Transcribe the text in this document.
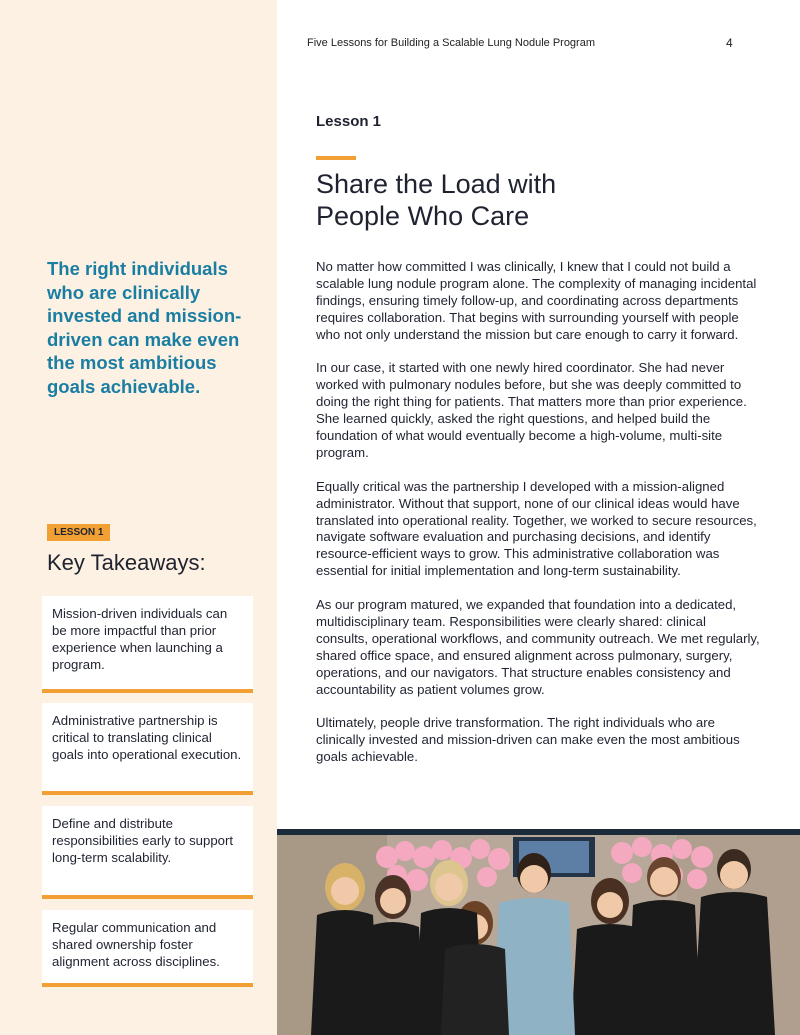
Five Lessons for Building a Scalable Lung Nodule Program	4
Lesson 1
Share the Load with
People Who Care

No matter how committed I was clinically, I knew that I could not build a scalable lung nodule program alone. The complexity of managing incidental findings, ensuring timely follow-up, and coordinating across departments requires collaboration. That begins with surrounding yourself with people who not only understand the mission but care enough to carry it forward.

In our case, it started with one newly hired coordinator. She had never worked with pulmonary nodules before, but she was deeply committed to doing the right thing for patients. That matters more than prior experience. She learned quickly, asked the right questions, and helped build the foundation of what would eventually become a high-volume, multi-site program.

Equally critical was the partnership I developed with a mission-aligned administrator. Without that support, none of our clinical ideas would have translated into operational reality. Together, we worked to secure resources, navigate software evaluation and purchasing decisions, and identify resource-efficient ways to grow. This administrative collaboration was essential for initial implementation and long-term sustainability.

As our program matured, we expanded that foundation into a dedicated, multidisciplinary team. Responsibilities were clearly shared: clinical consults, operational workflows, and community outreach. We met regularly, shared office space, and ensured alignment across pulmonary, surgery, operations, and our navigators. That structure enables consistency and accountability as patient volumes grow.

Ultimately, people drive transformation. The right individuals who are clinically invested and mission-driven can make even the most ambitious goals achievable.

The right individuals who are clinically invested and mission-driven can make even the most ambitious goals achievable.
LESSON 1
Key Takeaways:
Mission-driven individuals can be more impactful than prior experience when launching a program.
Administrative partnership is critical to translating clinical goals into operational execution.
Define and distribute responsibilities early to support long-term scalability.
Regular communication and shared ownership foster alignment across disciplines.
